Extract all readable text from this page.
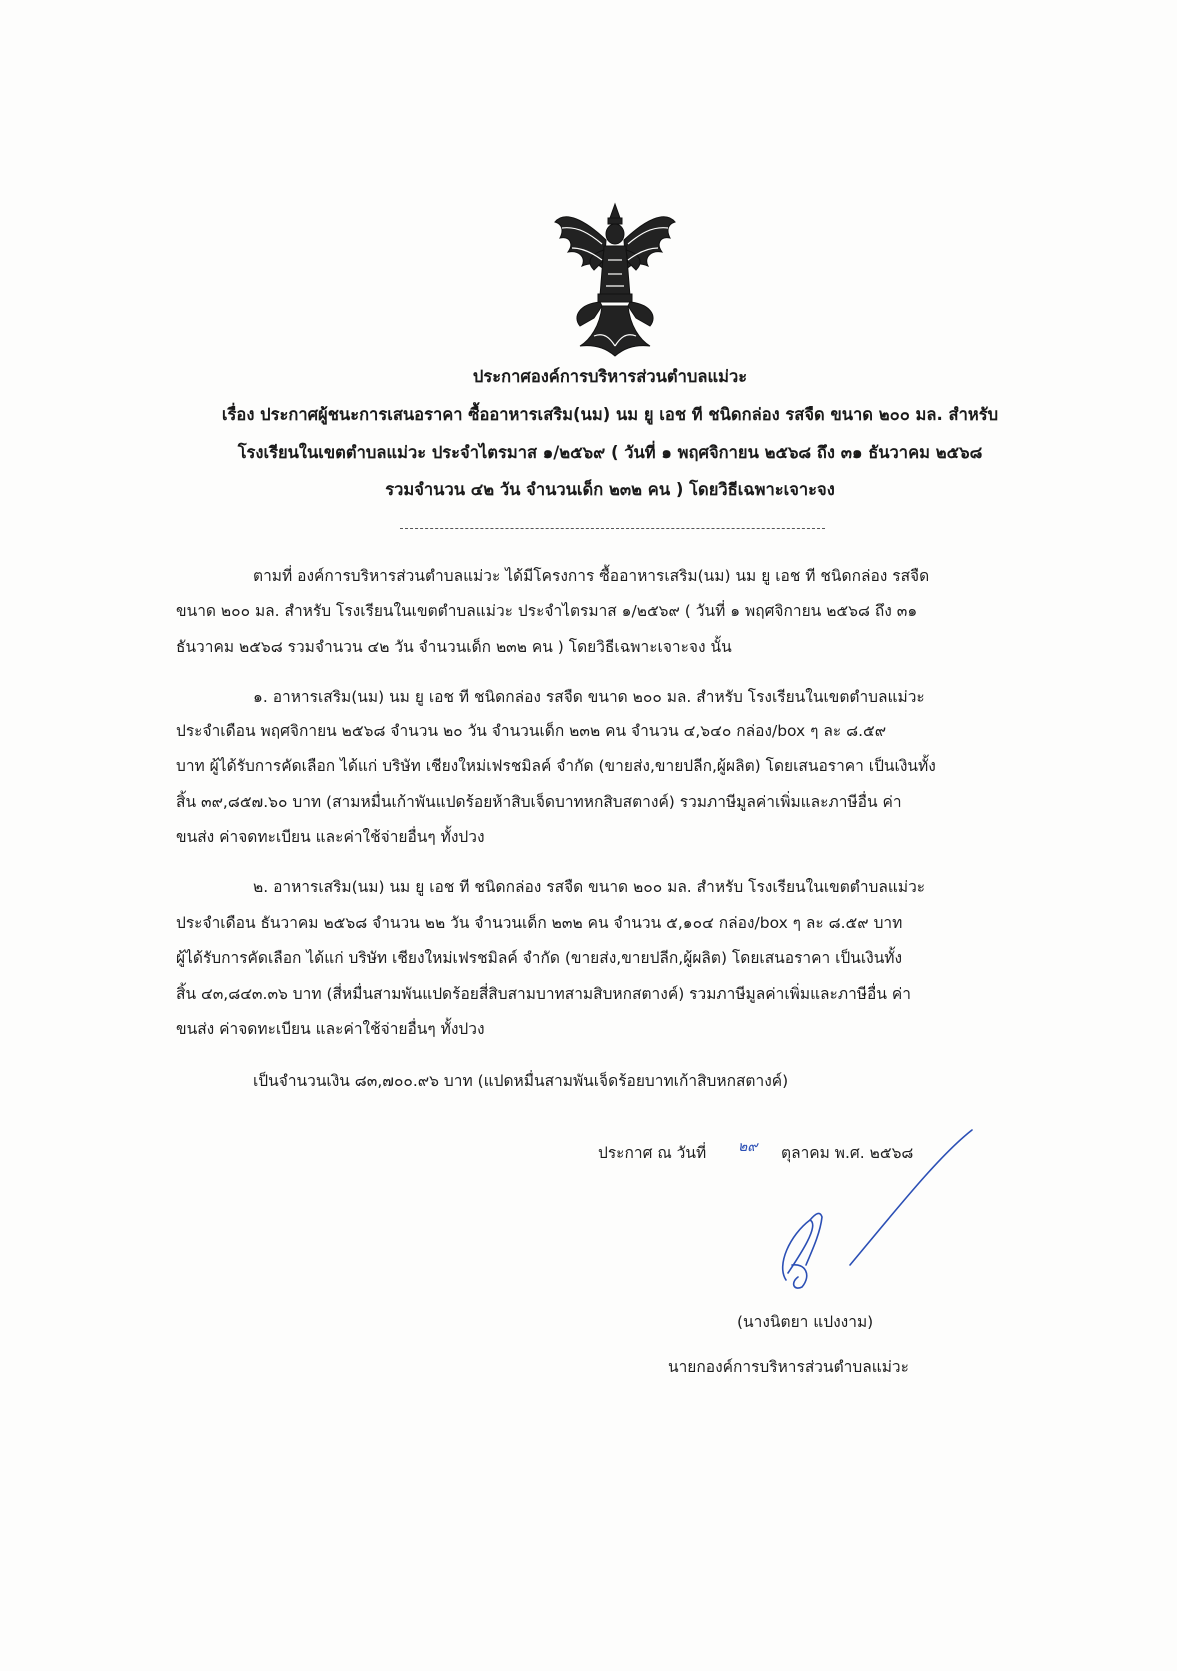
ประกาศองค์การบริหารส่วนตำบลแม่วะ
เรื่อง ประกาศผู้ชนะการเสนอราคา ซื้ออาหารเสริม(นม) นม ยู เอช ที ชนิดกล่อง รสจืด ขนาด ๒๐๐ มล. สำหรับ
โรงเรียนในเขตตำบลแม่วะ ประจำไตรมาส ๑/๒๕๖๙ ( วันที่ ๑ พฤศจิกายน ๒๕๖๘ ถึง ๓๑ ธันวาคม ๒๕๖๘
รวมจำนวน ๔๒ วัน จำนวนเด็ก ๒๓๒ คน ) โดยวิธีเฉพาะเจาะจง
ตามที่ องค์การบริหารส่วนตำบลแม่วะ ได้มีโครงการ ซื้ออาหารเสริม(นม) นม ยู เอช ที ชนิดกล่อง รสจืด
ขนาด ๒๐๐ มล. สำหรับ โรงเรียนในเขตตำบลแม่วะ ประจำไตรมาส ๑/๒๕๖๙ ( วันที่ ๑ พฤศจิกายน ๒๕๖๘ ถึง ๓๑
ธันวาคม ๒๕๖๘ รวมจำนวน ๔๒ วัน จำนวนเด็ก ๒๓๒ คน ) โดยวิธีเฉพาะเจาะจง นั้น
๑. อาหารเสริม(นม) นม ยู เอช ที ชนิดกล่อง รสจืด ขนาด ๒๐๐ มล. สำหรับ โรงเรียนในเขตตำบลแม่วะ
ประจำเดือน พฤศจิกายน ๒๕๖๘ จำนวน ๒๐ วัน จำนวนเด็ก ๒๓๒ คน จำนวน ๔,๖๔๐ กล่อง/box ๆ ละ ๘.๕๙
บาท ผู้ได้รับการคัดเลือก ได้แก่ บริษัท เชียงใหม่เฟรชมิลค์ จำกัด (ขายส่ง,ขายปลีก,ผู้ผลิต) โดยเสนอราคา เป็นเงินทั้ง
สิ้น ๓๙,๘๕๗.๖๐ บาท (สามหมื่นเก้าพันแปดร้อยห้าสิบเจ็ดบาทหกสิบสตางค์) รวมภาษีมูลค่าเพิ่มและภาษีอื่น ค่า
ขนส่ง ค่าจดทะเบียน และค่าใช้จ่ายอื่นๆ ทั้งปวง
๒. อาหารเสริม(นม) นม ยู เอช ที ชนิดกล่อง รสจืด ขนาด ๒๐๐ มล. สำหรับ โรงเรียนในเขตตำบลแม่วะ
ประจำเดือน ธันวาคม ๒๕๖๘ จำนวน ๒๒ วัน จำนวนเด็ก ๒๓๒ คน จำนวน ๕,๑๐๔ กล่อง/box ๆ ละ ๘.๕๙ บาท
ผู้ได้รับการคัดเลือก ได้แก่ บริษัท เชียงใหม่เฟรชมิลค์ จำกัด (ขายส่ง,ขายปลีก,ผู้ผลิต) โดยเสนอราคา เป็นเงินทั้ง
สิ้น ๔๓,๘๔๓.๓๖ บาท (สี่หมื่นสามพันแปดร้อยสี่สิบสามบาทสามสิบหกสตางค์) รวมภาษีมูลค่าเพิ่มและภาษีอื่น ค่า
ขนส่ง ค่าจดทะเบียน และค่าใช้จ่ายอื่นๆ ทั้งปวง
เป็นจำนวนเงิน ๘๓,๗๐๐.๙๖ บาท (แปดหมื่นสามพันเจ็ดร้อยบาทเก้าสิบหกสตางค์)
ประกาศ ณ วันที่ ๒๙ ตุลาคม พ.ศ. ๒๕๖๘
(นางนิตยา แปงงาม)
นายกองค์การบริหารส่วนตำบลแม่วะ
